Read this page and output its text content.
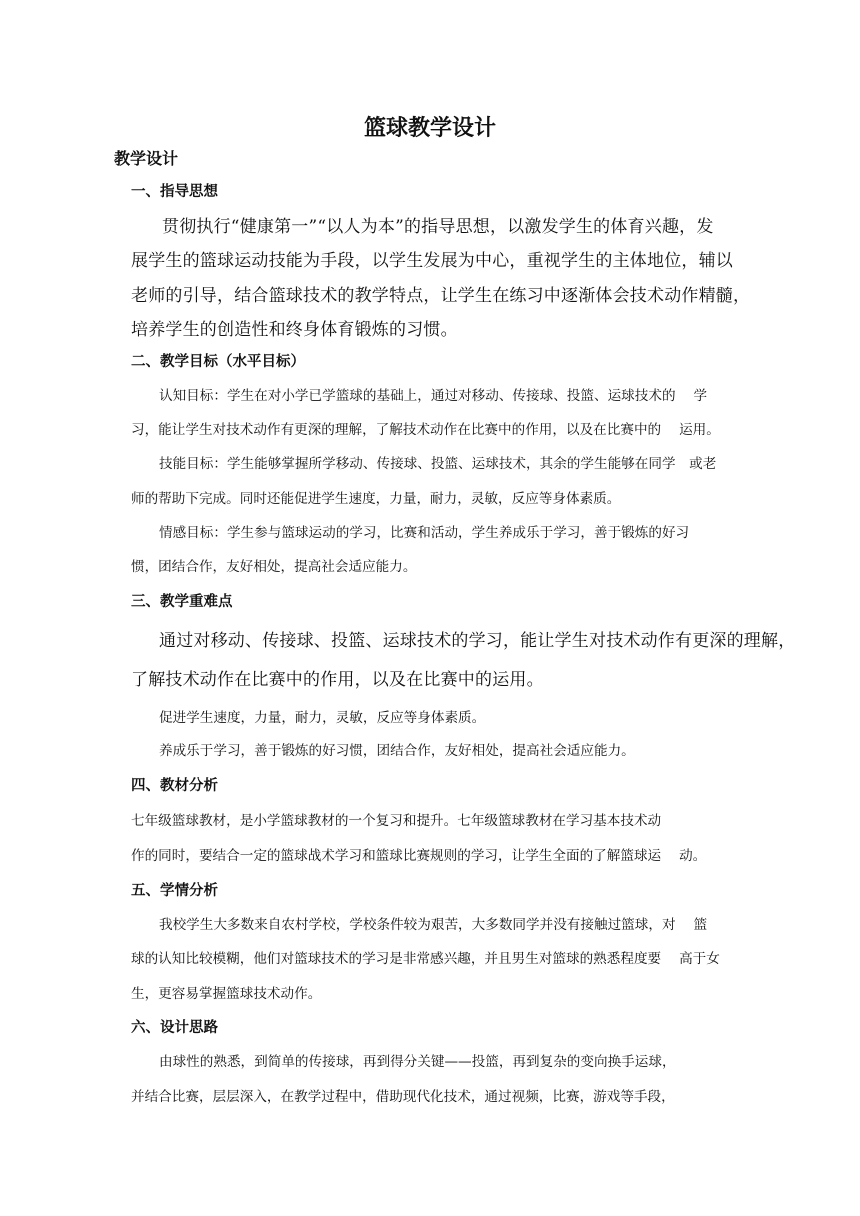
篮球教学设计
教学设计
一、指导思想

贯彻执行“健康第一”“以人为本”的指导思想，以激发学生的体育兴趣，发

展学生的篮球运动技能为手段，以学生发展为中心，重视学生的主体地位，辅以

老师的引导，结合篮球技术的教学特点，让学生在练习中逐渐体会技术动作精髓，

培养学生的创造性和终身体育锻炼的习惯。

二、教学目标（水平目标）

认知目标：学生在对小学已学篮球的基础上，通过对移动、传接球、投篮、运球技术的　 学

习，能让学生对技术动作有更深的理解，了解技术动作在比赛中的作用，以及在比赛中的　 运用。

技能目标：学生能够掌握所学移动、传接球、投篮、运球技术，其余的学生能够在同学　或老

师的帮助下完成。同时还能促进学生速度，力量，耐力，灵敏，反应等身体素质。

情感目标：学生参与篮球运动的学习，比赛和活动，学生养成乐于学习，善于锻炼的好习

惯，团结合作，友好相处，提高社会适应能力。

三、教学重难点

通过对移动、传接球、投篮、运球技术的学习，能让学生对技术动作有更深的理解，

了解技术动作在比赛中的作用，以及在比赛中的运用。

促进学生速度，力量，耐力，灵敏，反应等身体素质。

养成乐于学习，善于锻炼的好习惯，团结合作，友好相处，提高社会适应能力。

四、教材分析

七年级篮球教材，是小学篮球教材的一个复习和提升。七年级篮球教材在学习基本技术动

作的同时，要结合一定的篮球战术学习和篮球比赛规则的学习，让学生全面的了解篮球运　 动。

五、学情分析

我校学生大多数来自农村学校，学校条件较为艰苦，大多数同学并没有接触过篮球，对　 篮

球的认知比较模糊，他们对篮球技术的学习是非常感兴趣，并且男生对篮球的熟悉程度要　 高于女

生，更容易掌握篮球技术动作。

六、设计思路

由球性的熟悉，到简单的传接球，再到得分关键——投篮，再到复杂的变向换手运球，

并结合比赛，层层深入，在教学过程中，借助现代化技术，通过视频，比赛，游戏等手段，
